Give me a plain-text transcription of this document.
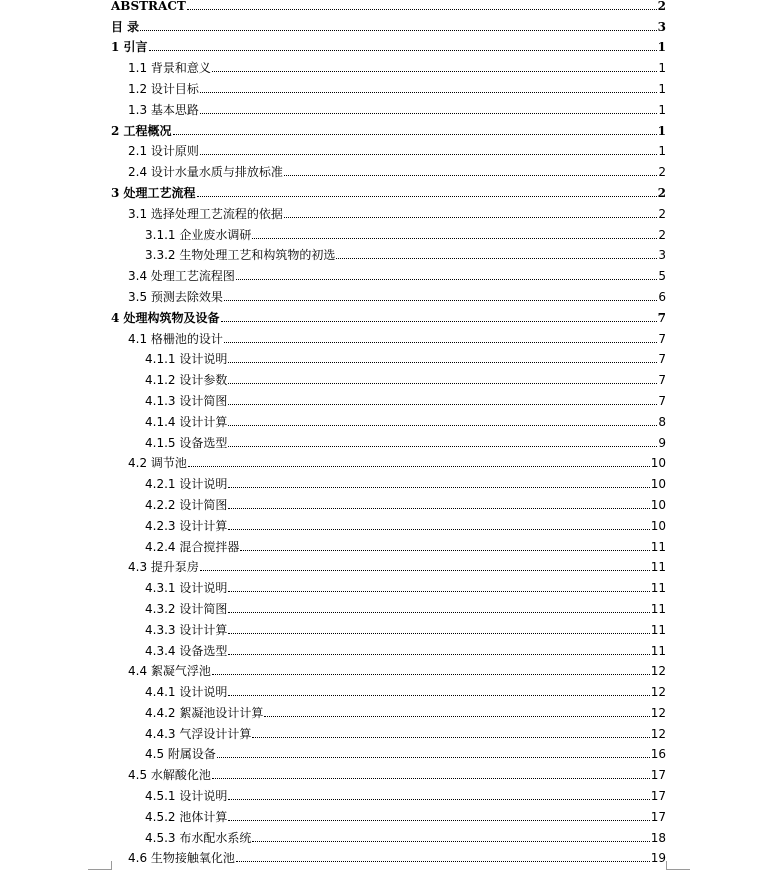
ABSTRACT	2
目 录	3
1 引言	1
1.1 背景和意义	1
1.2 设计目标	1
1.3 基本思路	1
2 工程概况	1
2.1 设计原则	1
2.4 设计水量水质与排放标准	2
3 处理工艺流程	2
3.1 选择处理工艺流程的依据	2
3.1.1 企业废水调研	2
3.3.2 生物处理工艺和构筑物的初选	3
3.4 处理工艺流程图	5
3.5 预测去除效果	6
4 处理构筑物及设备	7
4.1 格栅池的设计	7
4.1.1 设计说明	7
4.1.2 设计参数	7
4.1.3 设计简图	7
4.1.4 设计计算	8
4.1.5 设备选型	9
4.2 调节池	10
4.2.1 设计说明	10
4.2.2 设计简图	10
4.2.3 设计计算	10
4.2.4 混合搅拌器	11
4.3 提升泵房	11
4.3.1 设计说明	11
4.3.2 设计简图	11
4.3.3 设计计算	11
4.3.4 设备选型	11
4.4 絮凝气浮池	12
4.4.1 设计说明	12
4.4.2 絮凝池设计计算	12
4.4.3 气浮设计计算	12
4.5 附属设备	16
4.5 水解酸化池	17
4.5.1 设计说明	17
4.5.2 池体计算	17
4.5.3 布水配水系统	18
4.6 生物接触氧化池	19
